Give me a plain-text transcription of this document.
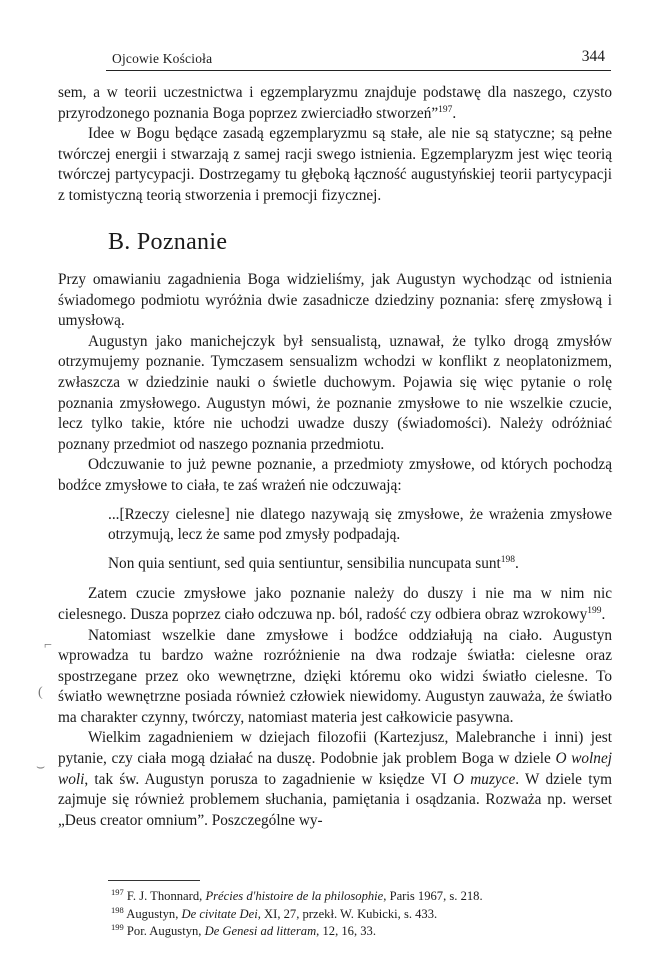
Ojcowie Kościoła	344

sem, a w teorii uczestnictwa i egzemplaryzmu znajduje podstawę dla naszego, czysto przyrodzonego poznania Boga poprzez zwierciadło stworzeń”$^{197}$.

Idee w Bogu będące zasadą egzemplaryzmu są stałe, ale nie są statyczne; są pełne twórczej energii i stwarzają z samej racji swego istnienia. Egzemplaryzm jest więc teorią twórczej partycypacji. Dostrzegamy tu głęboką łączność augustyńskiej teorii partycypacji z tomistyczną teorią stworzenia i premocji fizycznej.

B. Poznanie

Przy omawianiu zagadnienia Boga widzieliśmy, jak Augustyn wychodząc od istnienia świadomego podmiotu wyróżnia dwie zasadnicze dziedziny poznania: sferę zmysłową i umysłową.

Augustyn jako manichejczyk był sensualistą, uznawał, że tylko drogą zmysłów otrzymujemy poznanie. Tymczasem sensualizm wchodzi w konflikt z neoplatonizmem, zwłaszcza w dziedzinie nauki o świetle duchowym. Pojawia się więc pytanie o rolę poznania zmysłowego. Augustyn mówi, że poznanie zmysłowe to nie wszelkie czucie, lecz tylko takie, które nie uchodzi uwadze duszy (świadomości). Należy odróżniać poznany przedmiot od naszego poznania przedmiotu.

Odczuwanie to już pewne poznanie, a przedmioty zmysłowe, od których pochodzą bodźce zmysłowe to ciała, te zaś wrażeń nie odczuwają:

...[Rzeczy cielesne] nie dlatego nazywają się zmysłowe, że wrażenia zmysłowe otrzymują, lecz że same pod zmysły podpadają.

Non quia sentiunt, sed quia sentiuntur, sensibilia nuncupata sunt$^{198}$.

Zatem czucie zmysłowe jako poznanie należy do duszy i nie ma w nim nic cielesnego. Dusza poprzez ciało odczuwa np. ból, radość czy odbiera obraz wzrokowy$^{199}$.

Natomiast wszelkie dane zmysłowe i bodźce oddziałują na ciało. Augustyn wprowadza tu bardzo ważne rozróżnienie na dwa rodzaje światła: cielesne oraz spostrzegane przez oko wewnętrzne, dzięki któremu oko widzi światło cielesne. To światło wewnętrzne posiada również człowiek niewidomy. Augustyn zauważa, że światło ma charakter czynny, twórczy, natomiast materia jest całkowicie pasywna.

Wielkim zagadnieniem w dziejach filozofii (Kartezjusz, Malebranche i inni) jest pytanie, czy ciała mogą działać na duszę. Podobnie jak problem Boga w dziele O wolnej woli, tak św. Augustyn porusza to zagadnienie w księdze VI O muzyce. W dziele tym zajmuje się również problemem słuchania, pamiętania i osądzania. Rozważa np. werset „Deus creator omnium”. Poszczególne wy-

⌐
(
⌣
$^{197}$ F. J. Thonnard, Précies d'histoire de la philosophie, Paris 1967, s. 218.
$^{198}$ Augustyn, De civitate Dei, XI, 27, przekł. W. Kubicki, s. 433.
$^{199}$ Por. Augustyn, De Genesi ad litteram, 12, 16, 33.
